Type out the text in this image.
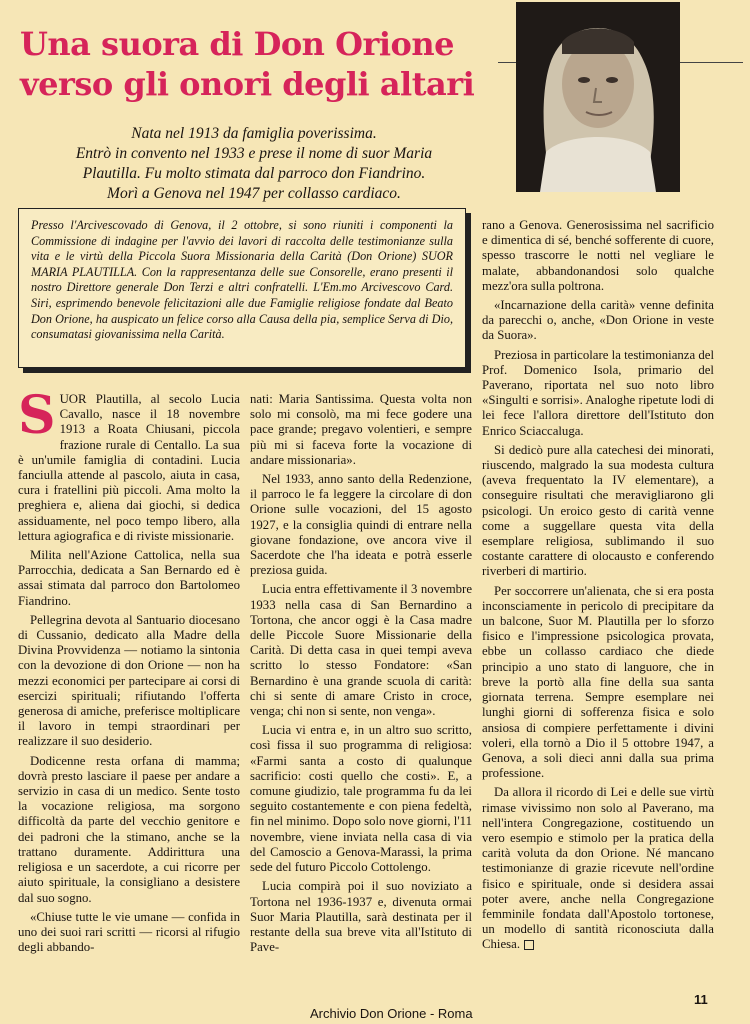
Una suora di Don Orione
verso gli onori degli altari

Nata nel 1913 da famiglia poverissima.
Entrò in convento nel 1933 e prese il nome di suor Maria
Plautilla. Fu molto stimata dal parroco don Fiandrino.
Morì a Genova nel 1947 per collasso cardiaco.

Presso l'Arcivescovado di Genova, il 2 ottobre, si sono riuniti i componenti la Commissione di indagine per l'avvio dei lavori di raccolta delle testimonianze sulla vita e le virtù della Piccola Suora Missionaria della Carità (Don Orione) SUOR MARIA PLAUTILLA. Con la rappresentanza delle sue Consorelle, erano presenti il nostro Direttore generale Don Terzi e altri confratelli. L'Em.mo Arcivescovo Card. Siri, esprimendo benevole felicitazioni alle due Famiglie religiose fondate dal Beato Don Orione, ha auspicato un felice corso alla Causa della pia, semplice Serva di Dio, consumatasi giovanissima nella Carità.

SUOR Plautilla, al secolo Lucia Cavallo, nasce il 18 novembre 1913 a Roata Chiusani, piccola frazione rurale di Centallo. La sua è un'umile famiglia di contadini. Lucia fanciulla attende al pascolo, aiuta in casa, cura i fratellini più piccoli. Ama molto la preghiera e, aliena dai giochi, si dedica assiduamente, nel poco tempo libero, alla lettura agiografica e di riviste missionarie.

Milita nell'Azione Cattolica, nella sua Parrocchia, dedicata a San Bernardo ed è assai stimata dal parroco don Bartolomeo Fiandrino.

Pellegrina devota al Santuario diocesano di Cussanio, dedicato alla Madre della Divina Provvidenza — notiamo la sintonia con la devozione di don Orione — non ha mezzi economici per partecipare ai corsi di esercizi spirituali; rifiutando l'offerta generosa di amiche, preferisce moltiplicare il lavoro in tempi straordinari per realizzare il suo desiderio.

Dodicenne resta orfana di mamma; dovrà presto lasciare il paese per andare a servizio in casa di un medico. Sente tosto la vocazione religiosa, ma sorgono difficoltà da parte del vecchio genitore e dei padroni che la stimano, anche se la trattano duramente. Addirittura una religiosa e un sacerdote, a cui ricorre per aiuto spirituale, la consigliano a desistere dal suo sogno.

«Chiuse tutte le vie umane — confida in uno dei suoi rari scritti — ricorsi al rifugio degli abbando-

nati: Maria Santissima. Questa volta non solo mi consolò, ma mi fece godere una pace grande; pregavo volentieri, e sempre più mi si faceva forte la vocazione di andare missionaria».

Nel 1933, anno santo della Redenzione, il parroco le fa leggere la circolare di don Orione sulle vocazioni, del 15 agosto 1927, e la consiglia quindi di entrare nella giovane fondazione, ove ancora vive il Sacerdote che l'ha ideata e potrà esserle preziosa guida.

Lucia entra effettivamente il 3 novembre 1933 nella casa di San Bernardino a Tortona, che ancor oggi è la Casa madre delle Piccole Suore Missionarie della Carità. Di detta casa in quei tempi aveva scritto lo stesso Fondatore: «San Bernardino è una grande scuola di carità: chi si sente di amare Cristo in croce, venga; chi non si sente, non venga».

Lucia vi entra e, in un altro suo scritto, così fissa il suo programma di religiosa: «Farmi santa a costo di qualunque sacrificio: costi quello che costi». E, a comune giudizio, tale programma fu da lei seguito costantemente e con piena fedeltà, fin nel minimo. Dopo solo nove giorni, l'11 novembre, viene inviata nella casa di via del Camoscio a Genova-Marassi, la prima sede del futuro Piccolo Cottolengo.

Lucia compirà poi il suo noviziato a Tortona nel 1936-1937 e, divenuta ormai Suor Maria Plautilla, sarà destinata per il restante della sua breve vita all'Istituto di Pave-

rano a Genova. Generosissima nel sacrificio e dimentica di sé, benché sofferente di cuore, spesso trascorre le notti nel vegliare le malate, abbandonandosi solo qualche mezz'ora sulla poltrona.

«Incarnazione della carità» venne definita da parecchi o, anche, «Don Orione in veste da Suora».

Preziosa in particolare la testimonianza del Prof. Domenico Isola, primario del Paverano, riportata nel suo noto libro «Singulti e sorrisi». Analoghe ripetute lodi di lei fece l'allora direttore dell'Istituto don Enrico Sciaccaluga.

Si dedicò pure alla catechesi dei minorati, riuscendo, malgrado la sua modesta cultura (aveva frequentato la IV elementare), a conseguire risultati che meravigliarono gli psicologi. Un eroico gesto di carità venne come a suggellare questa vita della esemplare religiosa, sublimando il suo costante carattere di olocausto e conferendo riverberi di martirio.

Per soccorrere un'alienata, che si era posta inconsciamente in pericolo di precipitare da un balcone, Suor M. Plautilla per lo sforzo fisico e l'impressione psicologica provata, ebbe un collasso cardiaco che diede principio a uno stato di languore, che in breve la portò alla fine della sua santa giornata terrena. Sempre esemplare nei lunghi giorni di sofferenza fisica e solo ansiosa di compiere perfettamente i divini voleri, ella tornò a Dio il 5 ottobre 1947, a Genova, a soli dieci anni dalla sua prima professione.

Da allora il ricordo di Lei e delle sue virtù rimase vivissimo non solo al Paverano, ma nell'intera Congregazione, costituendo un vero esempio e stimolo per la pratica della carità voluta da don Orione. Né mancano testimonianze di grazie ricevute nell'ordine fisico e spirituale, onde si desidera assai poter avere, anche nella Congregazione femminile fondata dall'Apostolo tortonese, un modello di santità riconosciuta dalla Chiesa.

11
Archivio Don Orione - Roma
